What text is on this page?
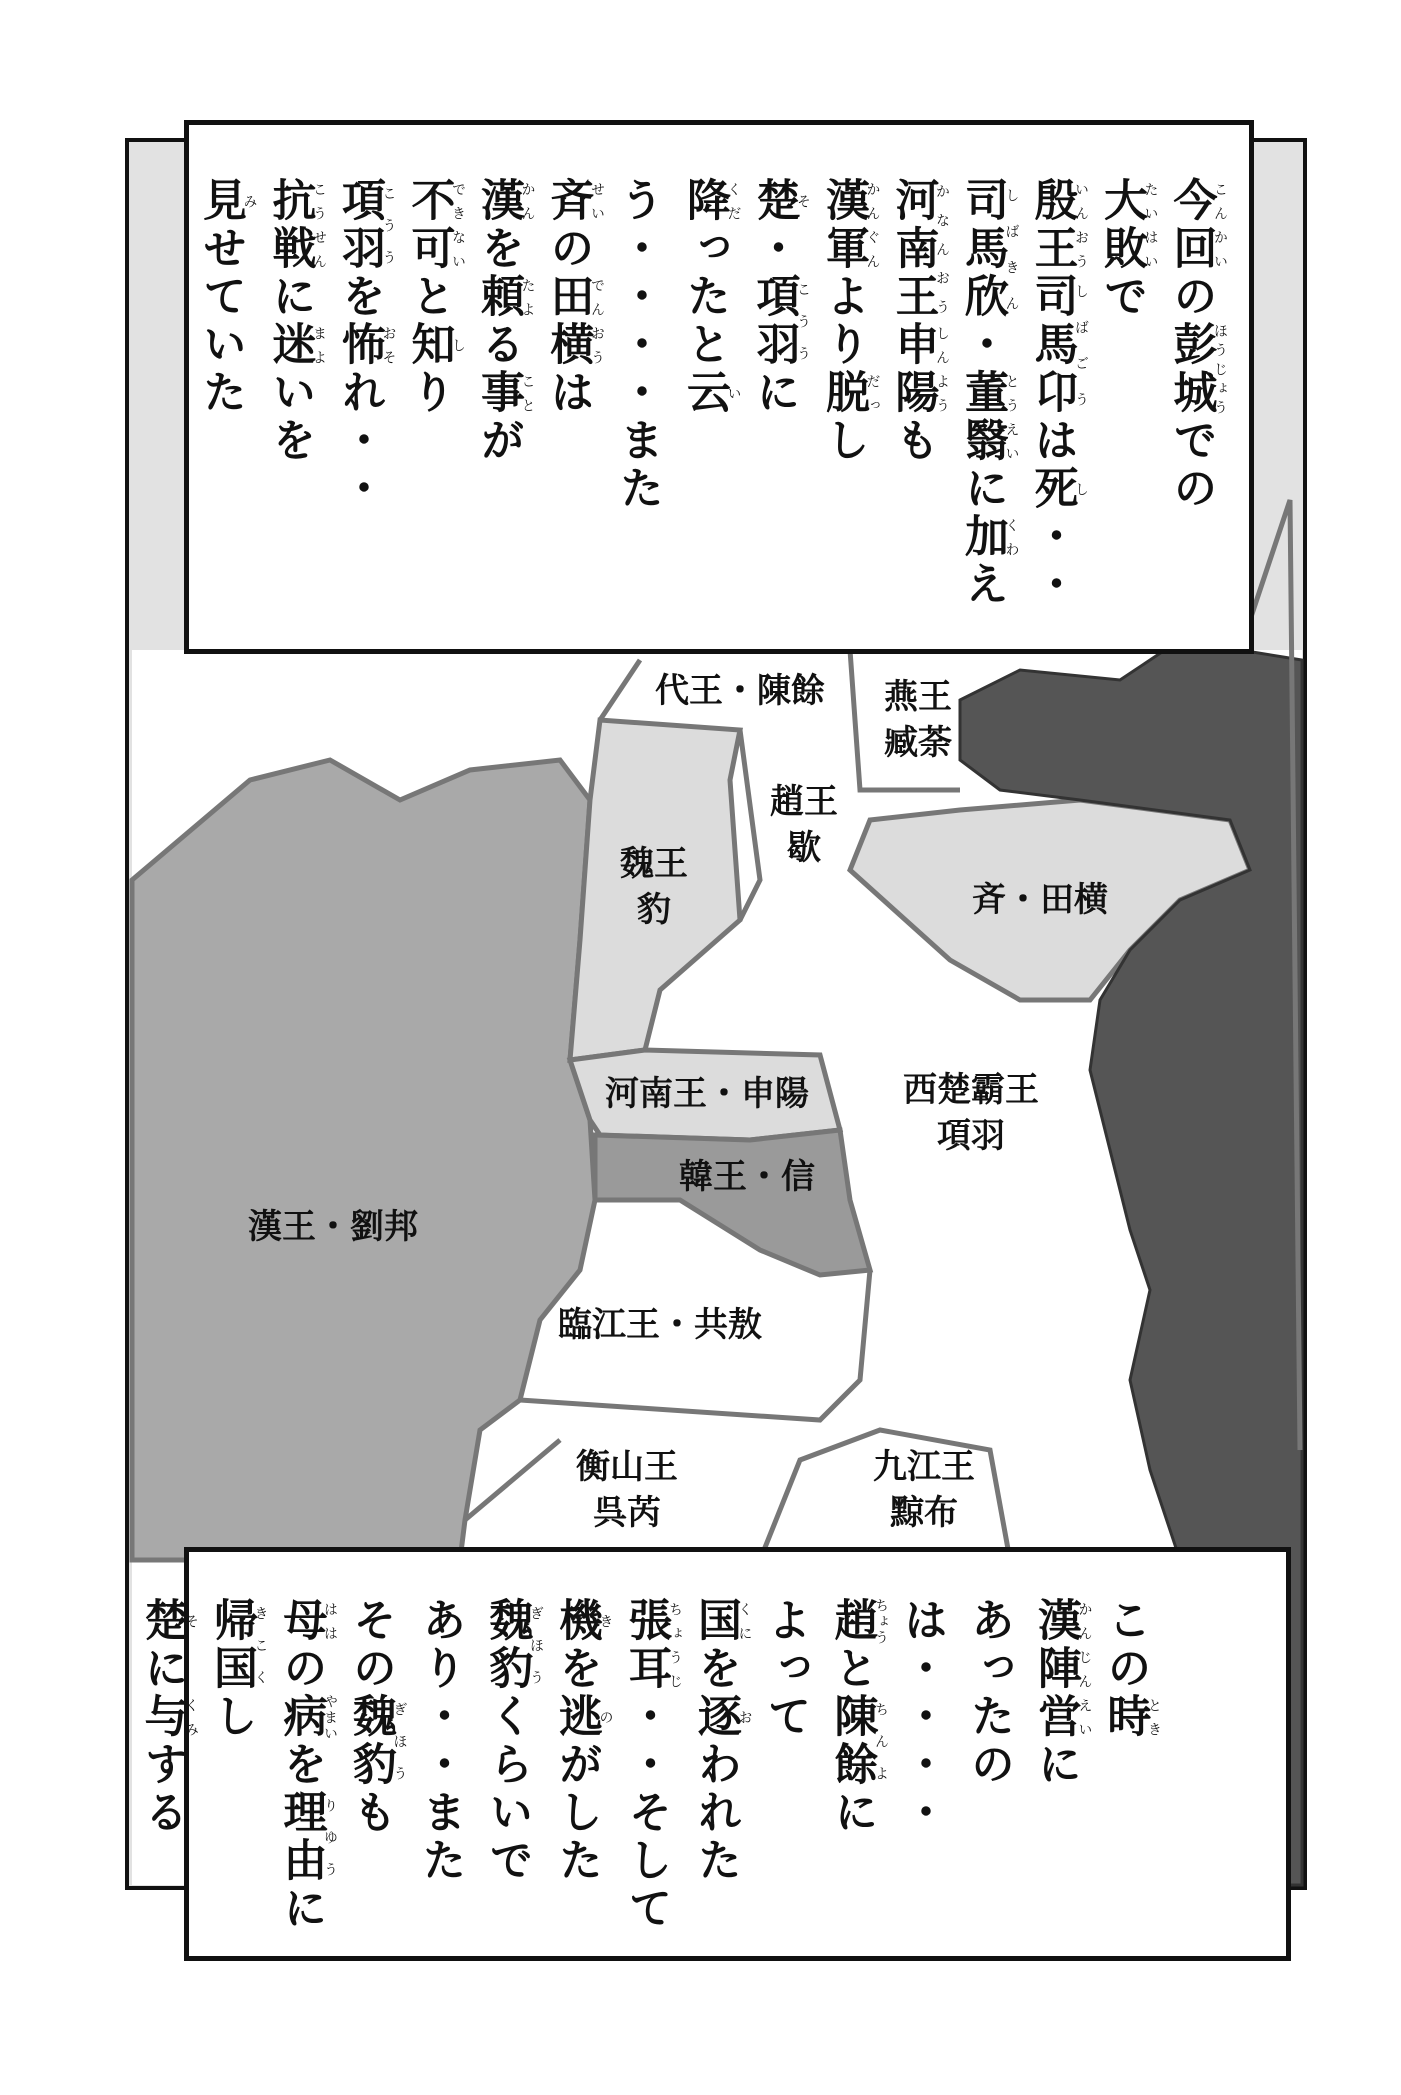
代王・陳餘 燕王
臧荼
趙王
歇
魏王
豹	斉・田横
河南王・申陽	西楚霸王
項羽
韓王・信
漢王・劉邦
臨江王・共敖
衡山王
呉芮
九江王
黥布
今回こんかいの彭城ほうじょうでの
大敗たいはいで
殷王いんおう司馬卬しばごうは死し・・
司馬欣しばきん・董翳とうえいに加くわえ
河南王かなんおう申陽しんようも
漢軍かんぐんより脱だっし
楚そ・項羽こううに
降くだったと云いう・・・・また
斉せいの田横でんおうは
漢かんを頼たよる事ことが
不可できないと知しり
項羽こううを怖おそれ・・
抗戦こうせんに迷まよいを
見みせていた
この時とき
漢陣営かんじんえいに
あったのは・・・・
趙ちょうと陳餘ちんよに
よって
国くにを逐おわれた
張耳ちょうじ・・そして
機きを逃のがした
魏豹ぎほうくらいで
あり・・また
その魏豹ぎほうも
母ははの病やまいを理由りゆうに
帰国きこくし
楚そに与くみする
